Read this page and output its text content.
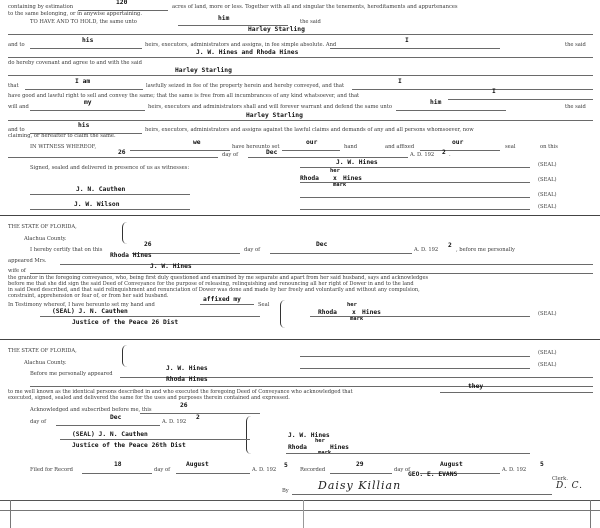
containing by estimation
120
acres of land, more or less. Together with all and singular the tenements, hereditaments and appurtenances
to the same belonging, or in anywise appertaining.
TO HAVE AND TO HOLD, the same unto	him	the said
Harley Starling
and to
his
heirs, executors, administrators and assigns, in fee simple absolute. And
I
the said
J. W. Hines and Rhoda Hines
do hereby covenant and agree to and with the said
Harley Starling
that
I am
lawfully seized in fee of the property herein and hereby conveyed, and that
I
have good and lawful right to sell and convey the same; that the same is free from all incumbrances of any kind whatsoever, and that
I
will and
my
heirs, executors and administrators shall and will forever warrant and defend the same unto
him
the said
Harley Starling
and to
his
heirs, executors, administrators and assigns against the lawful claims and demands of any and all persons whomsoever, now
claiming, or hereafter to claim the same.
IN WITNESS WHEREOF,
we
have hereunto set
our
hand	and affixed
our
seal	on this
26	day of	Dec	A. D. 192 2 .
Signed, sealed and delivered in presence of us as witnesses:
J. W. Hines	(SEAL)
Rhoda
her
x Hines
mark
(SEAL)
J. N. Cauthen
(SEAL)
J. W. Wilson	(SEAL)
THE STATE OF FLORIDA,
Alachua County.
I hereby certify that on this
26
day of
Dec
A. D. 192
2
, before me personally
appeared Mrs.
Rhoda Hines
wife of
J. W. Hines
the grantor in the foregoing conveyance, who, being first duly questioned and examined by me separate and apart from her said husband, says and acknowledges
before me that she did sign the said Deed of Conveyance for the purpose of releasing, relinquishing and renouncing all her right of Dower in and to the land
in said Deed described, and that said relinquishment and renunciation of Dower was done and made by her freely and voluntarily and without any compulsion,
constraint, apprehension or fear of, or from her said husband.
In Testimony whereof, I have hereunto set my hand and
affixed my
Seal
(SEAL) J. N. Cauthen
Justice of the Peace 26 Dist
Rhoda
her
x Hines
mark
(SEAL)
THE STATE OF FLORIDA,
Alachua County.
Before me personally appeared
J. W. Hines
Rhoda Hines
to me well known as the identical persons described in and who executed the foregoing Deed of Conveyance who acknowledged that
they
executed, signed, sealed and delivered the same for the uses and purposes therein contained and expressed.
Acknowledged and subscribed before me, this
26
day of
Dec
A. D. 192
2
(SEAL) J. N. Cauthen
Justice of the Peace 26th Dist
J. W. Hines
Rhoda
her
Hines
mark
(SEAL)
(SEAL)
Filed for Record
18
day of
August
A. D. 192
5
Recorded
29
day of
August
A. D. 192
5
GEO. E. EVANS
Clerk.
By	Daisy Killian	D. C.
